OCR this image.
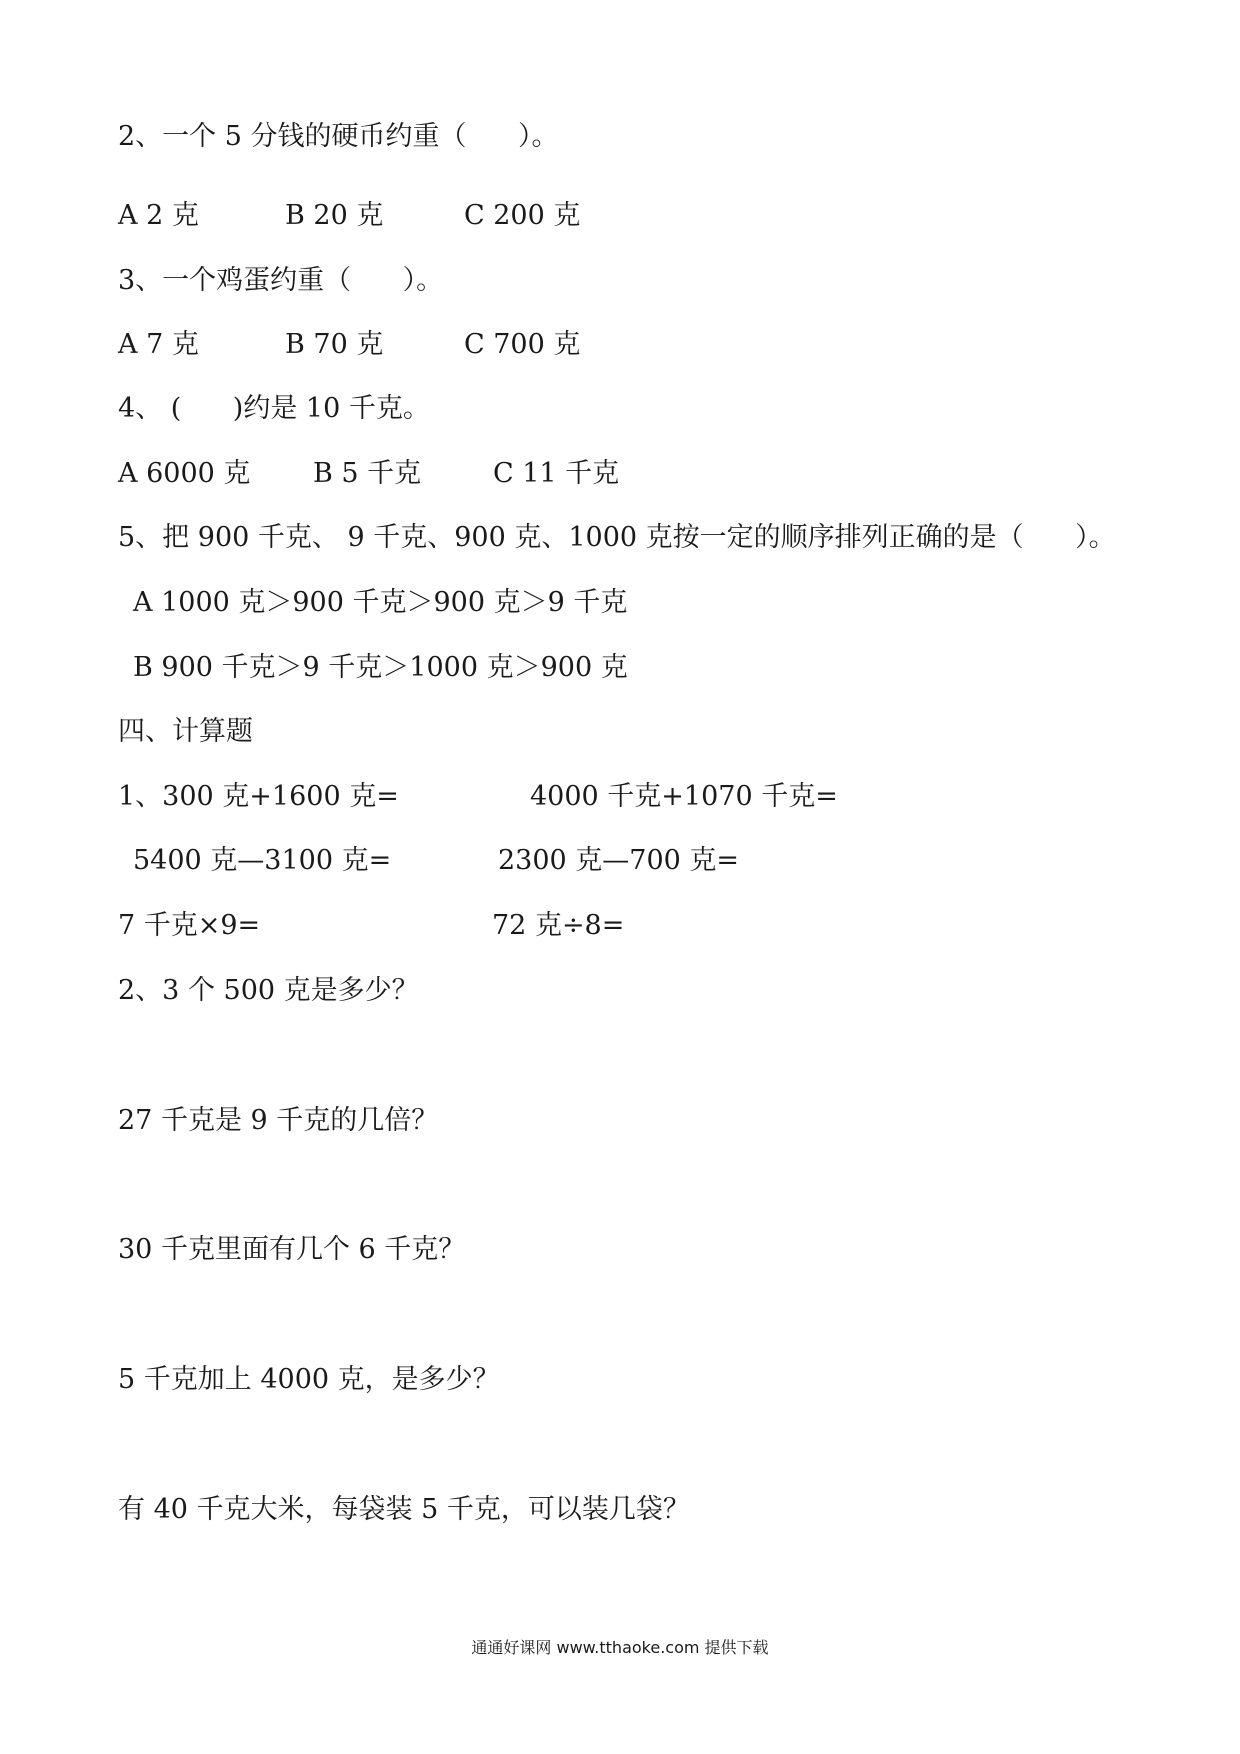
2、一个 5 分钱的硬币约重（      ）。
A 2 克	B 20 克	C 200 克
3、一个鸡蛋约重（      ）。
A 7 克	B 70 克	C 700 克
4、 (      )约是 10 千克。
A 6000 克 B 5 千克	C 11 千克
5、把 900 千克、 9 千克、900 克、1000 克按一定的顺序排列正确的是（      ）。
A 1000 克＞900 千克＞900 克＞9 千克
B 900 千克＞9 千克＞1000 克＞900 克
四、计算题
1、300 克+1600 克=	4000 千克+1070 千克=
5400 克—3100 克=	2300 克—700 克=
7 千克×9=	72 克÷8=
2、3 个 500 克是多少？
27 千克是 9 千克的几倍？
30 千克里面有几个 6 千克？
5 千克加上 4000 克，是多少？
有 40 千克大米，每袋装 5 千克，可以装几袋？
通通好课网 www.tthaoke.com 提供下载
